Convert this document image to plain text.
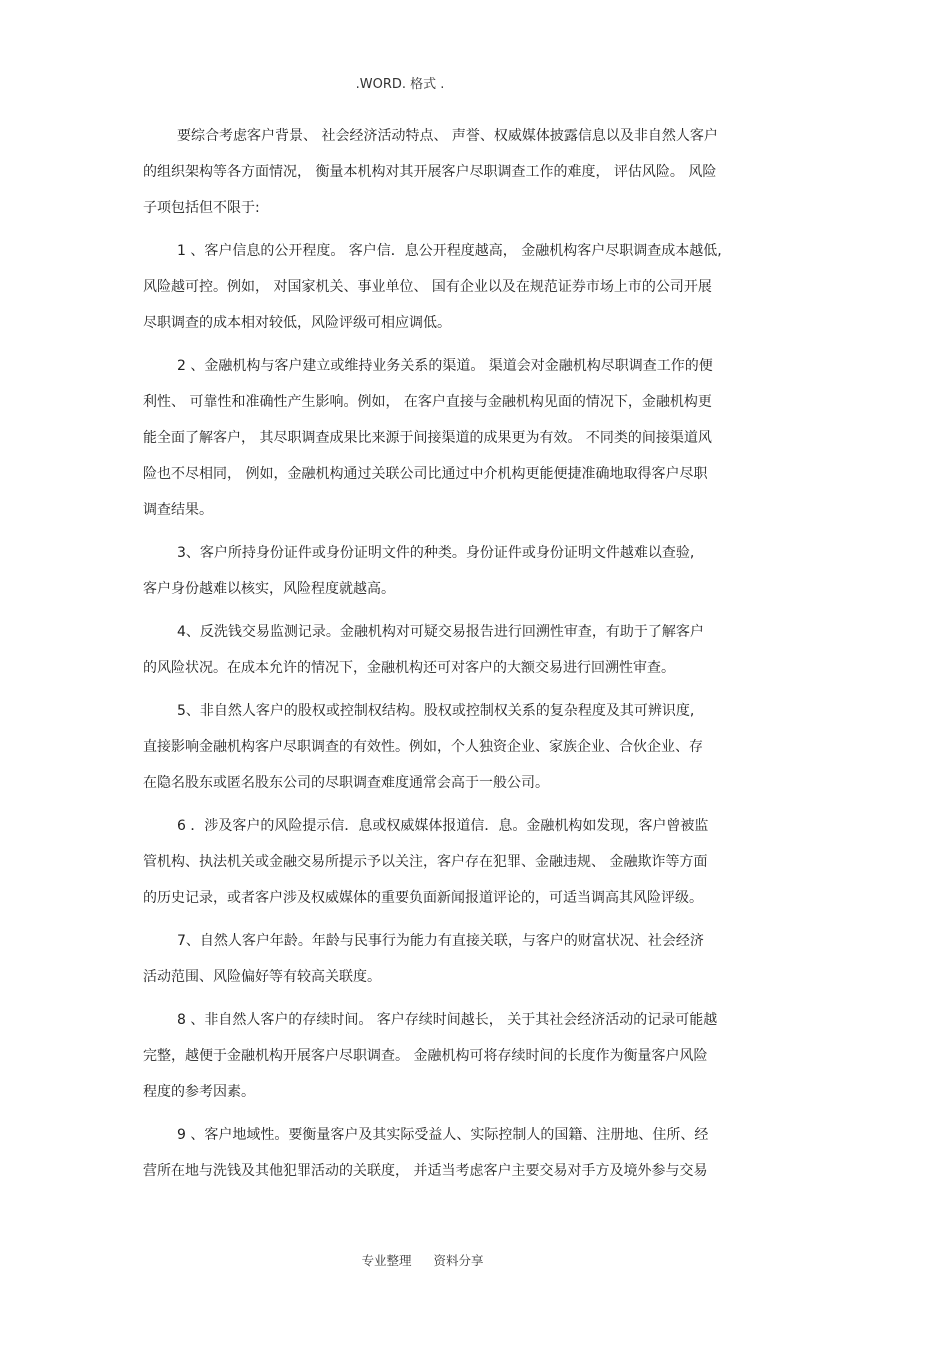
.WORD. 格式 .
要综合考虑客户背景、 社会经济活动特点、 声誉、权威媒体披露信息以及非自然人客户
的组织架构等各方面情况， 衡量本机构对其开展客户尽职调查工作的难度， 评估风险。 风险
子项包括但不限于:
1 、客户信息的公开程度。 客户信．息公开程度越高， 金融机构客户尽职调查成本越低,
风险越可控。例如， 对国家机关、事业单位、 国有企业以及在规范证券市场上市的公司开展
尽职调查的成本相对较低，风险评级可相应调低。
2 、金融机构与客户建立或维持业务关系的渠道。 渠道会对金融机构尽职调查工作的便
利性、 可靠性和准确性产生影响。例如， 在客户直接与金融机构见面的情况下，金融机构更
能全面了解客户， 其尽职调查成果比来源于间接渠道的成果更为有效。 不同类的间接渠道风
险也不尽相同， 例如，金融机构通过关联公司比通过中介机构更能便捷准确地取得客户尽职
调查结果。
3、客户所持身份证件或身份证明文件的种类。身份证件或身份证明文件越难以查验,
客户身份越难以核实，风险程度就越高。
4、反洗钱交易监测记录。金融机构对可疑交易报告进行回溯性审查，有助于了解客户
的风险状况。在成本允许的情况下，金融机构还可对客户的大额交易进行回溯性审查。
5、非自然人客户的股权或控制权结构。股权或控制权关系的复杂程度及其可辨识度,
直接影响金融机构客户尽职调查的有效性。例如，个人独资企业、家族企业、合伙企业、存
在隐名股东或匿名股东公司的尽职调查难度通常会高于一般公司。
6 ．涉及客户的风险提示信．息或权威媒体报道信．息。金融机构如发现，客户曾被监
管机构、执法机关或金融交易所提示予以关注，客户存在犯罪、金融违规、 金融欺诈等方面
的历史记录，或者客户涉及权威媒体的重要负面新闻报道评论的，可适当调高其风险评级。
7、自然人客户年龄。年龄与民事行为能力有直接关联，与客户的财富状况、社会经济
活动范围、风险偏好等有较高关联度。
8 、非自然人客户的存续时间。 客户存续时间越长， 关于其社会经济活动的记录可能越
完整，越便于金融机构开展客户尽职调查。 金融机构可将存续时间的长度作为衡量客户风险
程度的参考因素。
9 、客户地域性。要衡量客户及其实际受益人、实际控制人的国籍、注册地、住所、经
营所在地与洗钱及其他犯罪活动的关联度， 并适当考虑客户主要交易对手方及境外参与交易
专业整理 资料分享
